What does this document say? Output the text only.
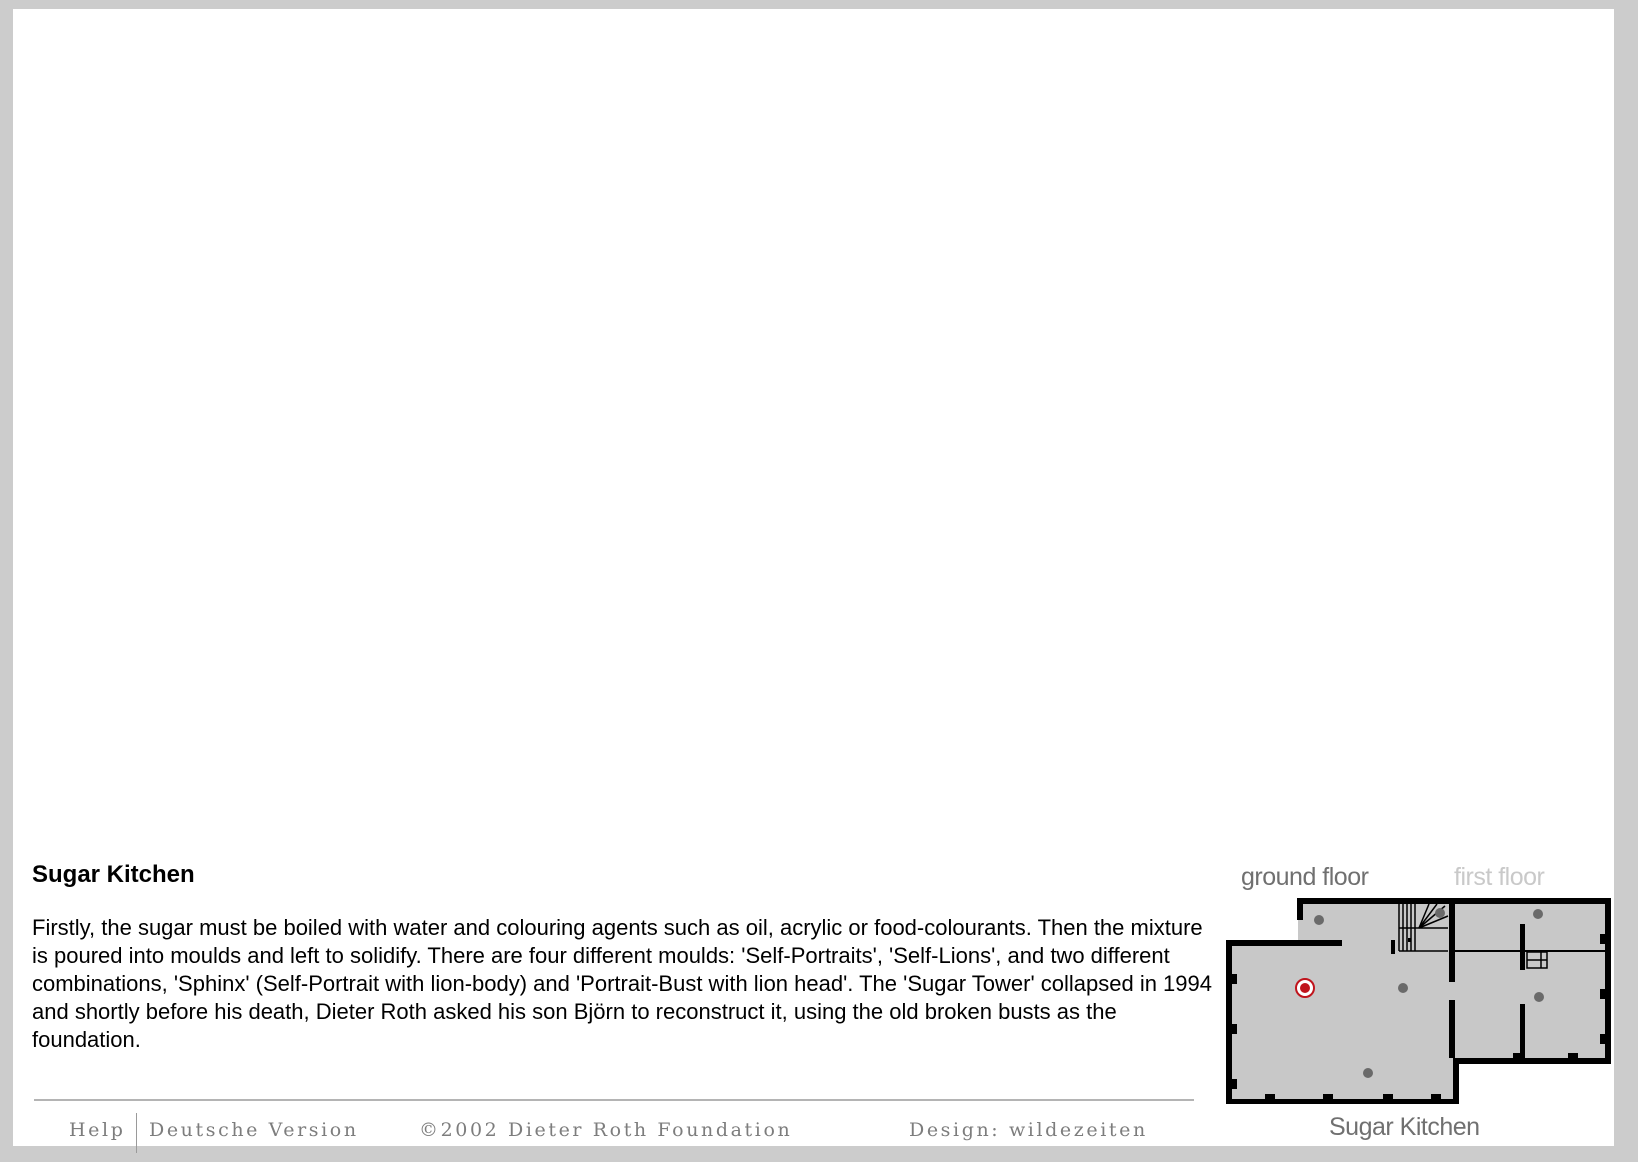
Sugar Kitchen

Firstly, the sugar must be boiled with water and colouring agents such as oil, acrylic or food-colourants. Then the mixture is poured into moulds and left to solidify. There are four different moulds: 'Self-Portraits', 'Self-Lions', and two different combinations, 'Sphinx' (Self-Portrait with lion-body) and 'Portrait-Bust with lion head'. The 'Sugar Tower' collapsed in 1994 and shortly before his death, Dieter Roth asked his son Björn to reconstruct it, using the old broken busts as the foundation.

Help Deutsche Version	©2002 Dieter Roth Foundation	Design: wildezeiten
ground floor	first floor
Sugar Kitchen
